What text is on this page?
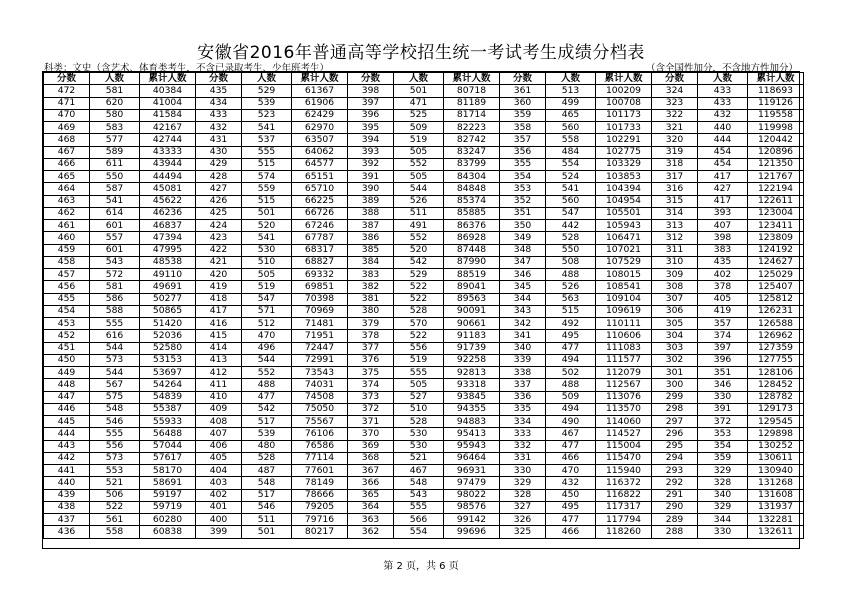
安徽省2016年普通高等学校招生统一考试考生成绩分档表
科类：文史（含艺术、体育类考生，不含已录取考生、少年班考生）	（含全国性加分，不含地方性加分）
分数	人数	累计人数	分数	人数	累计人数	分数	人数	累计人数	分数	人数	累计人数	分数	人数	累计人数
472	581	40384	435	529	61367	398	501	80718	361	513	100209	324	433	118693
471	620	41004	434	539	61906	397	471	81189	360	499	100708	323	433	119126
470	580	41584	433	523	62429	396	525	81714	359	465	101173	322	432	119558
469	583	42167	432	541	62970	395	509	82223	358	560	101733	321	440	119998
468	577	42744	431	537	63507	394	519	82742	357	558	102291	320	444	120442
467	589	43333	430	555	64062	393	505	83247	356	484	102775	319	454	120896
466	611	43944	429	515	64577	392	552	83799	355	554	103329	318	454	121350
465	550	44494	428	574	65151	391	505	84304	354	524	103853	317	417	121767
464	587	45081	427	559	65710	390	544	84848	353	541	104394	316	427	122194
463	541	45622	426	515	66225	389	526	85374	352	560	104954	315	417	122611
462	614	46236	425	501	66726	388	511	85885	351	547	105501	314	393	123004
461	601	46837	424	520	67246	387	491	86376	350	442	105943	313	407	123411
460	557	47394	423	541	67787	386	552	86928	349	528	106471	312	398	123809
459	601	47995	422	530	68317	385	520	87448	348	550	107021	311	383	124192
458	543	48538	421	510	68827	384	542	87990	347	508	107529	310	435	124627
457	572	49110	420	505	69332	383	529	88519	346	488	108015	309	402	125029
456	581	49691	419	519	69851	382	522	89041	345	526	108541	308	378	125407
455	586	50277	418	547	70398	381	522	89563	344	563	109104	307	405	125812
454	588	50865	417	571	70969	380	528	90091	343	515	109619	306	419	126231
453	555	51420	416	512	71481	379	570	90661	342	492	110111	305	357	126588
452	616	52036	415	470	71951	378	522	91183	341	495	110606	304	374	126962
451	544	52580	414	496	72447	377	556	91739	340	477	111083	303	397	127359
450	573	53153	413	544	72991	376	519	92258	339	494	111577	302	396	127755
449	544	53697	412	552	73543	375	555	92813	338	502	112079	301	351	128106
448	567	54264	411	488	74031	374	505	93318	337	488	112567	300	346	128452
447	575	54839	410	477	74508	373	527	93845	336	509	113076	299	330	128782
446	548	55387	409	542	75050	372	510	94355	335	494	113570	298	391	129173
445	546	55933	408	517	75567	371	528	94883	334	490	114060	297	372	129545
444	555	56488	407	539	76106	370	530	95413	333	467	114527	296	353	129898
443	556	57044	406	480	76586	369	530	95943	332	477	115004	295	354	130252
442	573	57617	405	528	77114	368	521	96464	331	466	115470	294	359	130611
441	553	58170	404	487	77601	367	467	96931	330	470	115940	293	329	130940
440	521	58691	403	548	78149	366	548	97479	329	432	116372	292	328	131268
439	506	59197	402	517	78666	365	543	98022	328	450	116822	291	340	131608
438	522	59719	401	546	79205	364	555	98576	327	495	117317	290	329	131937
437	561	60280	400	511	79716	363	566	99142	326	477	117794	289	344	132281
436	558	60838	399	501	80217	362	554	99696	325	466	118260	288	330	132611
第 2 页，共 6 页
